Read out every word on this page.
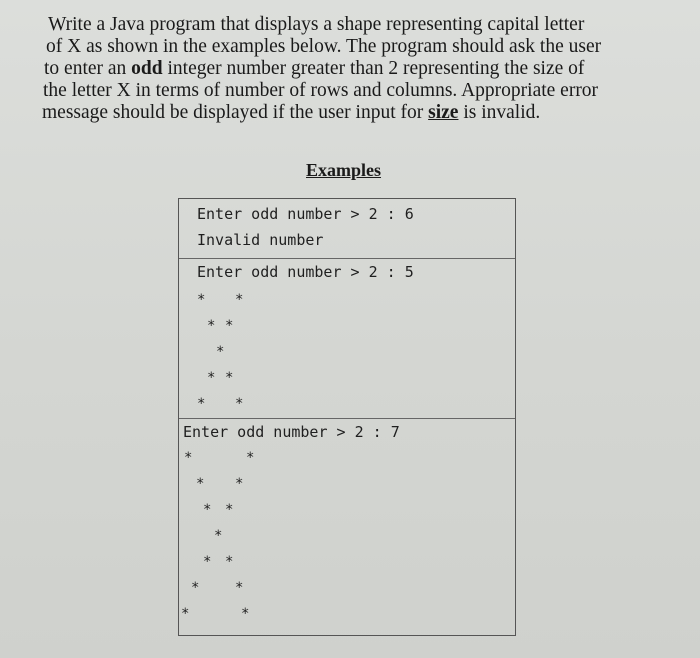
Write a Java program that displays a shape representing capital letter
of X as shown in the examples below. The program should ask the user
to enter an odd integer number greater than 2 representing the size of
the letter X in terms of number of rows and columns. Appropriate error
message should be displayed if the user input for size is invalid.
Examples
Enter odd number > 2 : 6
Invalid number
Enter odd number > 2 : 5
* *
* *
*
* *
* *
Enter odd number > 2 : 7
*	*
* *
* *
*
* *
*	*
*	*
